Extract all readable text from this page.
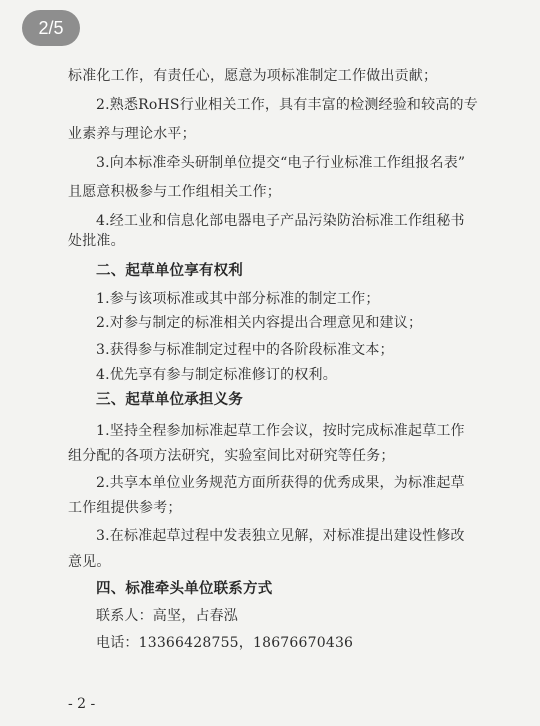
标准化工作，有责任心，愿意为项标准制定工作做出贡献；
2.熟悉RoHS行业相关工作，具有丰富的检测经验和较高的专
业素养与理论水平；
3.向本标准牵头研制单位提交“电子行业标准工作组报名表”
且愿意积极参与工作组相关工作；
4.经工业和信息化部电器电子产品污染防治标准工作组秘书
处批准。
二、起草单位享有权利
1.参与该项标准或其中部分标准的制定工作；
2.对参与制定的标准相关内容提出合理意见和建议；
3.获得参与标准制定过程中的各阶段标准文本；
4.优先享有参与制定标准修订的权利。
三、起草单位承担义务
1.坚持全程参加标准起草工作会议，按时完成标准起草工作
组分配的各项方法研究，实验室间比对研究等任务；
2.共享本单位业务规范方面所获得的优秀成果，为标准起草
工作组提供参考；
3.在标准起草过程中发表独立见解，对标准提出建设性修改
意见。
四、标准牵头单位联系方式
联系人：高坚，占春泓
电话：13366428755，18676670436
- 2 -
2/5
